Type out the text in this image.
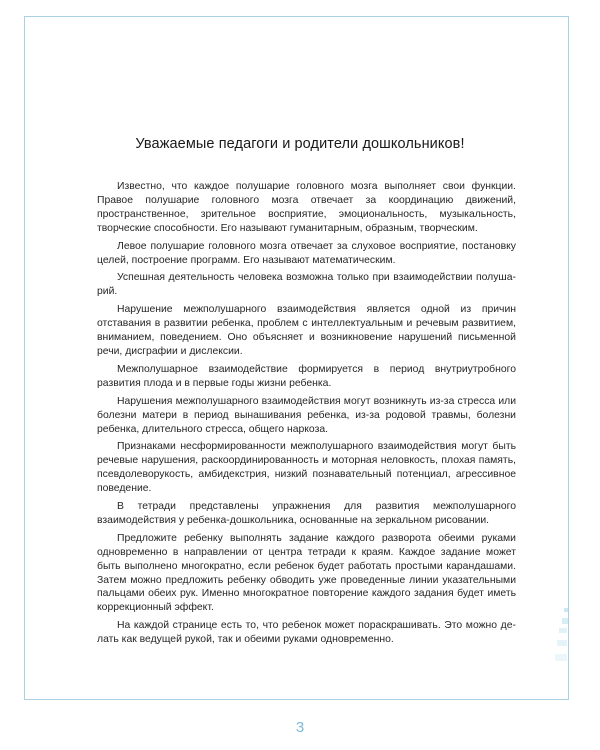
Уважаемые педагоги и родители дошкольников!

Известно, что каждое полушарие головного мозга выполняет свои функции. Правое полушарие головного мозга отвечает за координацию движений, пространственное, зрительное восприятие, эмоциональность, музыкальность, творческие способности. Его называют гуманитарным, образным, творческим.

Левое полушарие головного мозга отвечает за слуховое восприятие, постановку целей, построение программ. Его называют математическим.

Успешная деятельность человека возможна только при взаимодействии полушарий.

Нарушение межполушарного взаимодействия является одной из причин отставания в развитии ребенка, проблем с интеллектуальным и речевым развитием, вниманием, поведением. Оно объясняет и возникновение нарушений письменной речи, дисграфии и дислексии.

Межполушарное взаимодействие формируется в период внутриутробного развития плода и в первые годы жизни ребенка.

Нарушения межполушарного взаимодействия могут возникнуть из-за стресса или болезни матери в период вынашивания ребенка, из-за родовой травмы, болезни ребенка, длительного стресса, общего наркоза.

Признаками несформированности межполушарного взаимодействия могут быть речевые нарушения, раскоординированность и моторная неловкость, плохая память, псевдолеворукость, амбидекстрия, низкий познавательный потенциал, агрессивное поведение.

В тетради представлены упражнения для развития межполушарного взаимодействия у ребенка-дошкольника, основанные на зеркальном рисовании.

Предложите ребенку выполнять задание каждого разворота обеими руками одновременно в направлении от центра тетради к краям. Каждое задание может быть выполнено многократно, если ребенок будет работать простыми карандашами. Затем можно предложить ребенку обводить уже проведенные линии указательными пальцами обеих рук. Именно многократное повторение каждого задания будет иметь коррекционный эффект.

На каждой странице есть то, что ребенок может пораскрашивать. Это можно делать как ведущей рукой, так и обеими руками одновременно.

3
